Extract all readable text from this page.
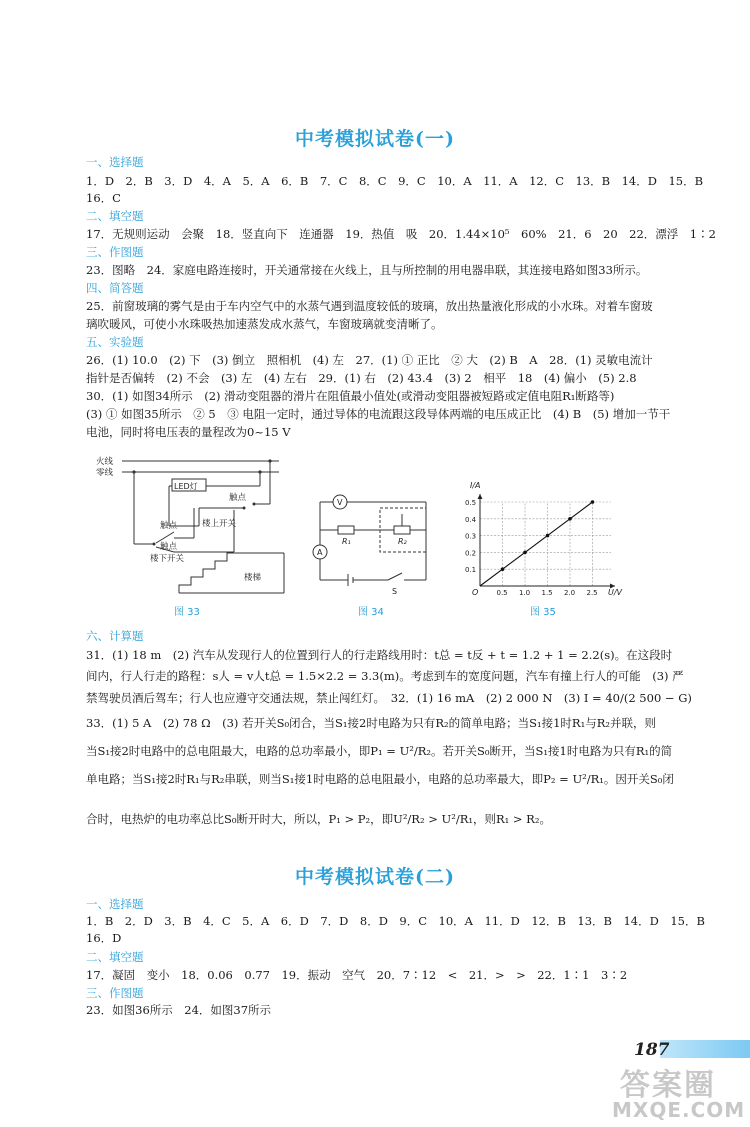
中考模拟试卷(一)
一、选择题
1．D　2．B　3．D　4．A　5．A　6．B　7．C　8．C　9．C　10．A　11．A　12．C　13．B　14．D　15．B
16．C
二、填空题
17．无规则运动　会聚　18．竖直向下　连通器　19．热值　吸　20．1.44×10⁵　60%　21．6　20　22．漂浮　1∶2
三、作图题
23．图略　24．家庭电路连接时，开关通常接在火线上，且与所控制的用电器串联，其连接电路如图33所示。
四、简答题
25．前窗玻璃的雾气是由于车内空气中的水蒸气遇到温度较低的玻璃，放出热量液化形成的小水珠。对着车窗玻
璃吹暖风，可使小水珠吸热加速蒸发成水蒸气，车窗玻璃就变清晰了。
五、实验题
26．(1) 10.0　(2) 下　(3) 倒立　照相机　(4) 左　27．(1) ① 正比　② 大　(2) B　A　28．(1) 灵敏电流计
指针是否偏转　(2) 不会　(3) 左　(4) 左右　29．(1) 右　(2) 43.4　(3) 2　相平　18　(4) 偏小　(5) 2.8
30．(1) 如图34所示　(2) 滑动变阻器的滑片在阻值最小值处(或滑动变阻器被短路或定值电阻R₁断路等)
(3) ① 如图35所示　② 5　③ 电阻一定时，通过导体的电流跟这段导体两端的电压成正比　(4) B　(5) 增加一节干
电池，同时将电压表的量程改为0~15 V
火线
零线
LED灯
触点
触点	楼上开关
触点
楼下开关
楼梯
图 33
V
A
R₁	R₂
S
图 34
0.5 1.0 1.5 2.0 2.5
0.1
0.2
0.3
0.4
0.5
I/A
U/V
O
图 35
六、计算题
31．(1) 18 m　(2) 汽车从发现行人的位置到行人的行走路线用时：t总 = t反 + t = 1.2 + 1 = 2.2(s)。在这段时
间内，行人行走的路程：s人 = v人t总 = 1.5×2.2 = 3.3(m)。考虑到车的宽度问题，汽车有撞上行人的可能　(3) 严
禁驾驶员酒后驾车；行人也应遵守交通法规，禁止闯红灯。　32．(1) 16 mA　(2) 2 000 N　(3) I = 40/(2 500 − G)
33．(1) 5 A　(2) 78 Ω　(3) 若开关S₀闭合，当S₁接2时电路为只有R₂的简单电路；当S₁接1时R₁与R₂并联，则
当S₁接2时电路中的总电阻最大，电路的总功率最小，即P₁ = U²/R₂。若开关S₀断开，当S₁接1时电路为只有R₁的简
单电路；当S₁接2时R₁与R₂串联，则当S₁接1时电路的总电阻最小，电路的总功率最大，即P₂ = U²/R₁。因开关S₀闭
合时，电热炉的电功率总比S₀断开时大，所以，P₁ > P₂，即U²/R₂ > U²/R₁，则R₁ > R₂。
中考模拟试卷(二)
一、选择题
1．B　2．D　3．B　4．C　5．A　6．D　7．D　8．D　9．C　10．A　11．D　12．B　13．B　14．D　15．B
16．D
二、填空题
17．凝固　变小　18．0.06　0.77　19．振动　空气　20．7∶12　<　21．>　>　22．1∶1　3∶2
三、作图题
23．如图36所示　24．如图37所示
187
答案圈
MXQE.COM
